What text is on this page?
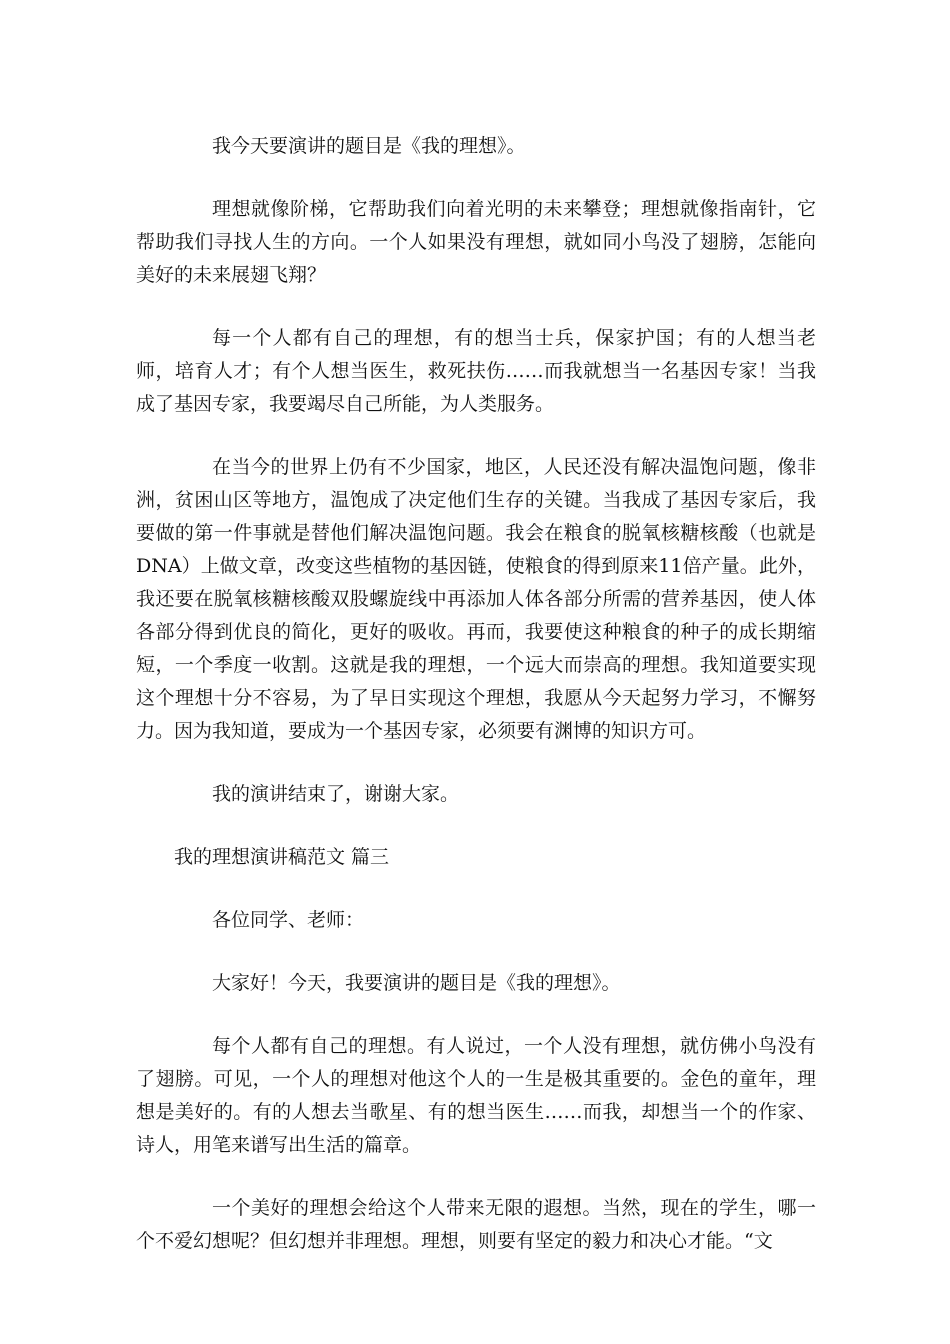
我今天要演讲的题目是《我的理想》。

理想就像阶梯，它帮助我们向着光明的未来攀登；理想就像指南针，它帮助我们寻找人生的方向。一个人如果没有理想，就如同小鸟没了翅膀，怎能向美好的未来展翅飞翔？

每一个人都有自己的理想，有的想当士兵，保家护国；有的人想当老师，培育人才；有个人想当医生，救死扶伤……而我就想当一名基因专家！当我成了基因专家，我要竭尽自己所能，为人类服务。

在当今的世界上仍有不少国家，地区，人民还没有解决温饱问题，像非洲，贫困山区等地方，温饱成了决定他们生存的关键。当我成了基因专家后，我要做的第一件事就是替他们解决温饱问题。我会在粮食的脱氧核糖核酸（也就是DNA）上做文章，改变这些植物的基因链，使粮食的得到原来11倍产量。此外，我还要在脱氧核糖核酸双股螺旋线中再添加人体各部分所需的营养基因，使人体各部分得到优良的简化，更好的吸收。再而，我要使这种粮食的种子的成长期缩短，一个季度一收割。这就是我的理想，一个远大而崇高的理想。我知道要实现这个理想十分不容易，为了早日实现这个理想，我愿从今天起努力学习，不懈努力。因为我知道，要成为一个基因专家，必须要有渊博的知识方可。

我的演讲结束了，谢谢大家。

我的理想演讲稿范文 篇三

各位同学、老师：

大家好！今天，我要演讲的题目是《我的理想》。

每个人都有自己的理想。有人说过，一个人没有理想，就仿佛小鸟没有了翅膀。可见，一个人的理想对他这个人的一生是极其重要的。金色的童年，理想是美好的。有的人想去当歌星、有的想当医生……而我，却想当一个的作家、诗人，用笔来谱写出生活的篇章。

一个美好的理想会给这个人带来无限的遐想。当然，现在的学生，哪一个不爱幻想呢？但幻想并非理想。理想，则要有坚定的毅力和决心才能。“文
